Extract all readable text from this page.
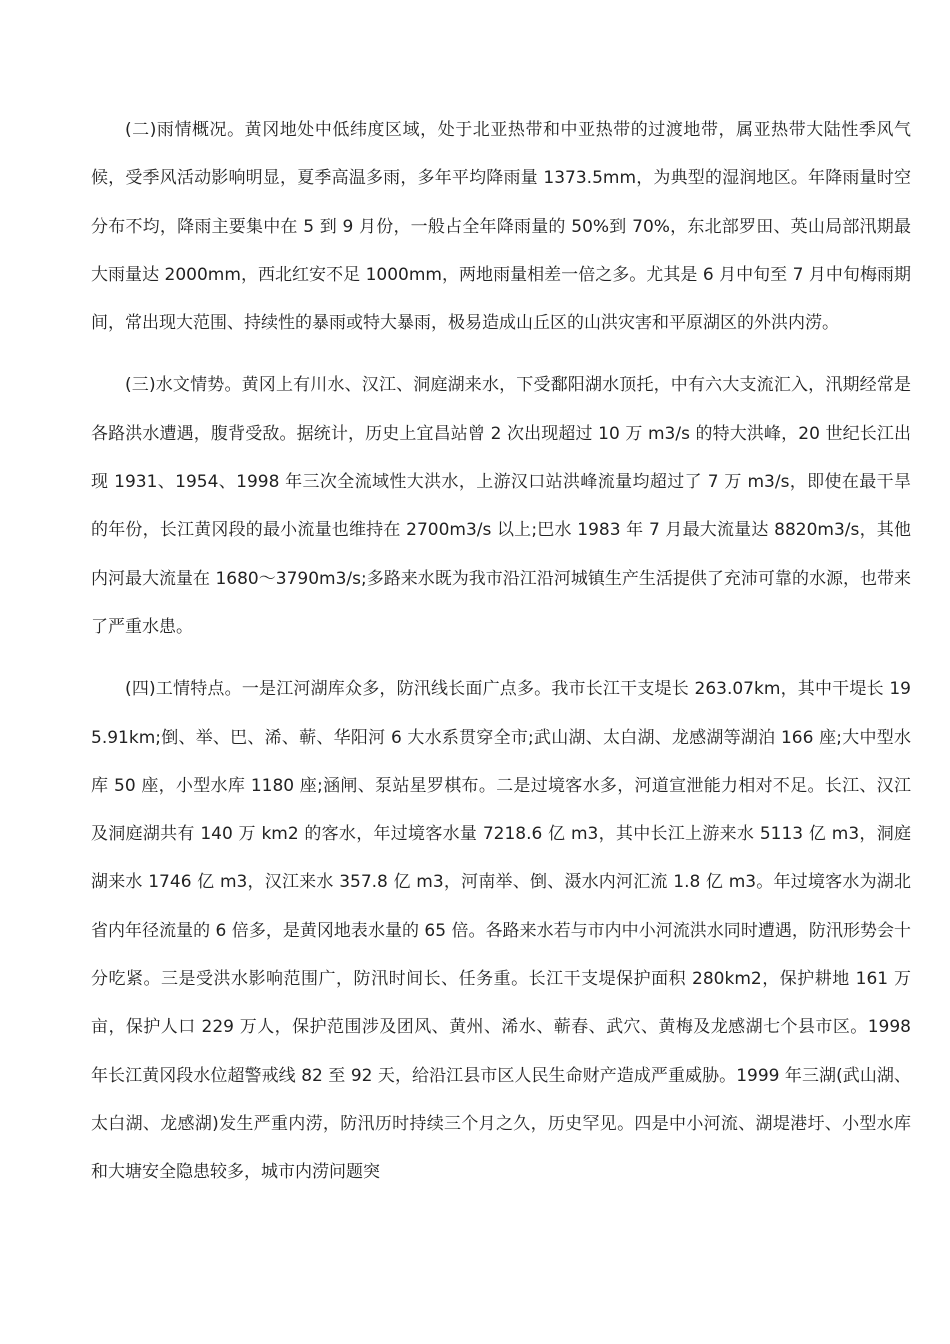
(二)雨情概况。黄冈地处中低纬度区域，处于北亚热带和中亚热带的过渡地带，属亚热带大陆性季风气候，受季风活动影响明显，夏季高温多雨，多年平均降雨量 1373.5mm，为典型的湿润地区。年降雨量时空分布不均，降雨主要集中在 5 到 9 月份，一般占全年降雨量的 50%到 70%，东北部罗田、英山局部汛期最大雨量达 2000mm，西北红安不足 1000mm，两地雨量相差一倍之多。尤其是 6 月中旬至 7 月中旬梅雨期间，常出现大范围、持续性的暴雨或特大暴雨，极易造成山丘区的山洪灾害和平原湖区的外洪内涝。

(三)水文情势。黄冈上有川水、汉江、洞庭湖来水，下受鄱阳湖水顶托，中有六大支流汇入，汛期经常是各路洪水遭遇，腹背受敌。据统计，历史上宜昌站曾 2 次出现超过 10 万 m3/s 的特大洪峰，20 世纪长江出现 1931、1954、1998 年三次全流域性大洪水，上游汉口站洪峰流量均超过了 7 万 m3/s，即使在最干旱的年份，长江黄冈段的最小流量也维持在 2700m3/s 以上;巴水 1983 年 7 月最大流量达 8820m3/s，其他内河最大流量在 1680～3790m3/s;多路来水既为我市沿江沿河城镇生产生活提供了充沛可靠的水源，也带来了严重水患。

(四)工情特点。一是江河湖库众多，防汛线长面广点多。我市长江干支堤长 263.07km，其中干堤长 195.91km;倒、举、巴、浠、蕲、华阳河 6 大水系贯穿全市;武山湖、太白湖、龙感湖等湖泊 166 座;大中型水库 50 座，小型水库 1180 座;涵闸、泵站星罗棋布。二是过境客水多，河道宣泄能力相对不足。长江、汉江及洞庭湖共有 140 万 km2 的客水，年过境客水量 7218.6 亿 m3，其中长江上游来水 5113 亿 m3，洞庭湖来水 1746 亿 m3，汉江来水 357.8 亿 m3，河南举、倒、滠水内河汇流 1.8 亿 m3。年过境客水为湖北省内年径流量的 6 倍多，是黄冈地表水量的 65 倍。各路来水若与市内中小河流洪水同时遭遇，防汛形势会十分吃紧。三是受洪水影响范围广，防汛时间长、任务重。长江干支堤保护面积 280km2，保护耕地 161 万亩，保护人口 229 万人，保护范围涉及团风、黄州、浠水、蕲春、武穴、黄梅及龙感湖七个县市区。1998 年长江黄冈段水位超警戒线 82 至 92 天，给沿江县市区人民生命财产造成严重威胁。1999 年三湖(武山湖、太白湖、龙感湖)发生严重内涝，防汛历时持续三个月之久，历史罕见。四是中小河流、湖堤港圩、小型水库和大塘安全隐患较多，城市内涝问题突
